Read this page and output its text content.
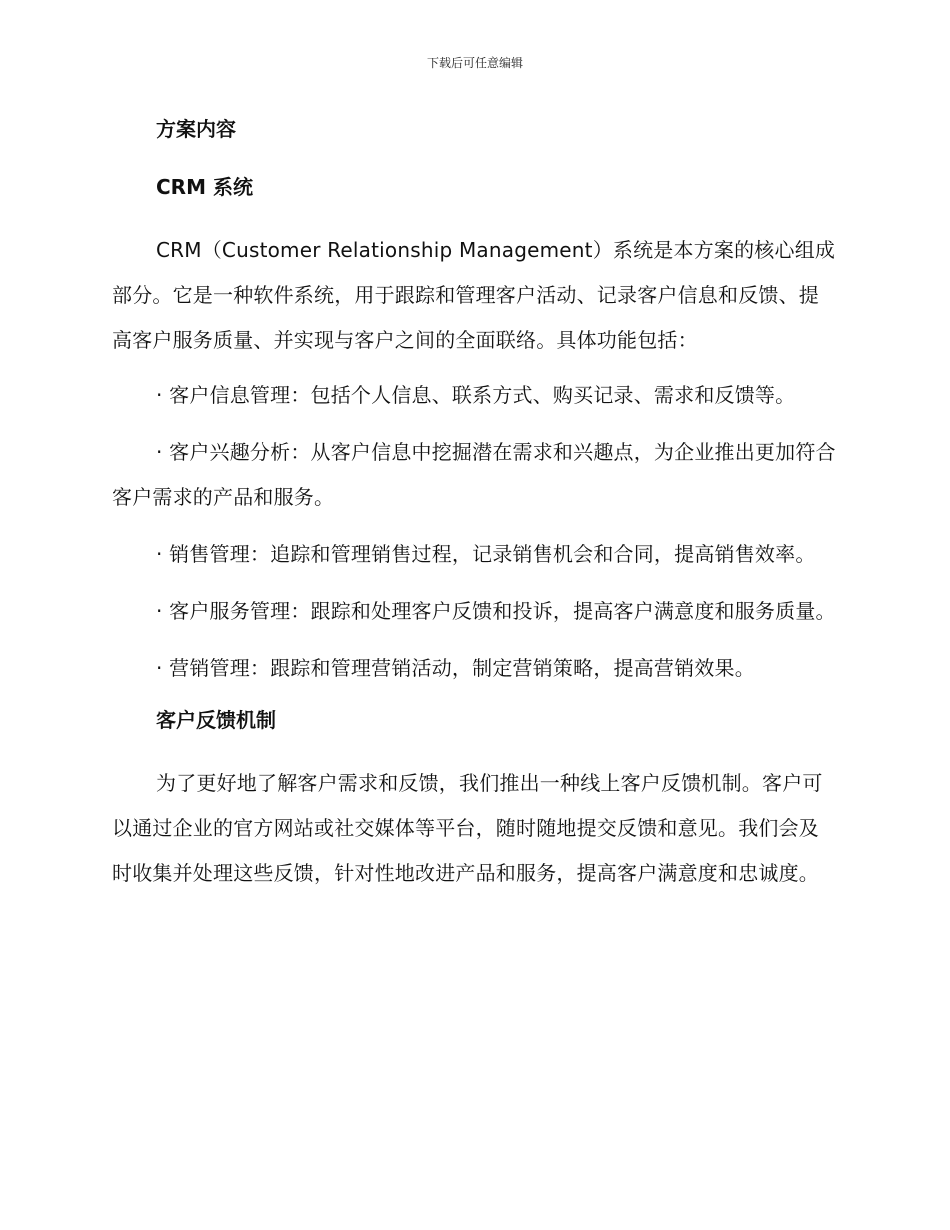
下载后可任意编辑
方案内容
CRM 系统
CRM（Customer Relationship Management）系统是本方案的核心组成部分。它是一种软件系统，用于跟踪和管理客户活动、记录客户信息和反馈、提高客户服务质量、并实现与客户之间的全面联络。具体功能包括：
· 客户信息管理：包括个人信息、联系方式、购买记录、需求和反馈等。
· 客户兴趣分析：从客户信息中挖掘潜在需求和兴趣点，为企业推出更加符合客户需求的产品和服务。
· 销售管理：追踪和管理销售过程，记录销售机会和合同，提高销售效率。
· 客户服务管理：跟踪和处理客户反馈和投诉，提高客户满意度和服务质量。
· 营销管理：跟踪和管理营销活动，制定营销策略，提高营销效果。
客户反馈机制
为了更好地了解客户需求和反馈，我们推出一种线上客户反馈机制。客户可以通过企业的官方网站或社交媒体等平台，随时随地提交反馈和意见。我们会及时收集并处理这些反馈，针对性地改进产品和服务，提高客户满意度和忠诚度。
